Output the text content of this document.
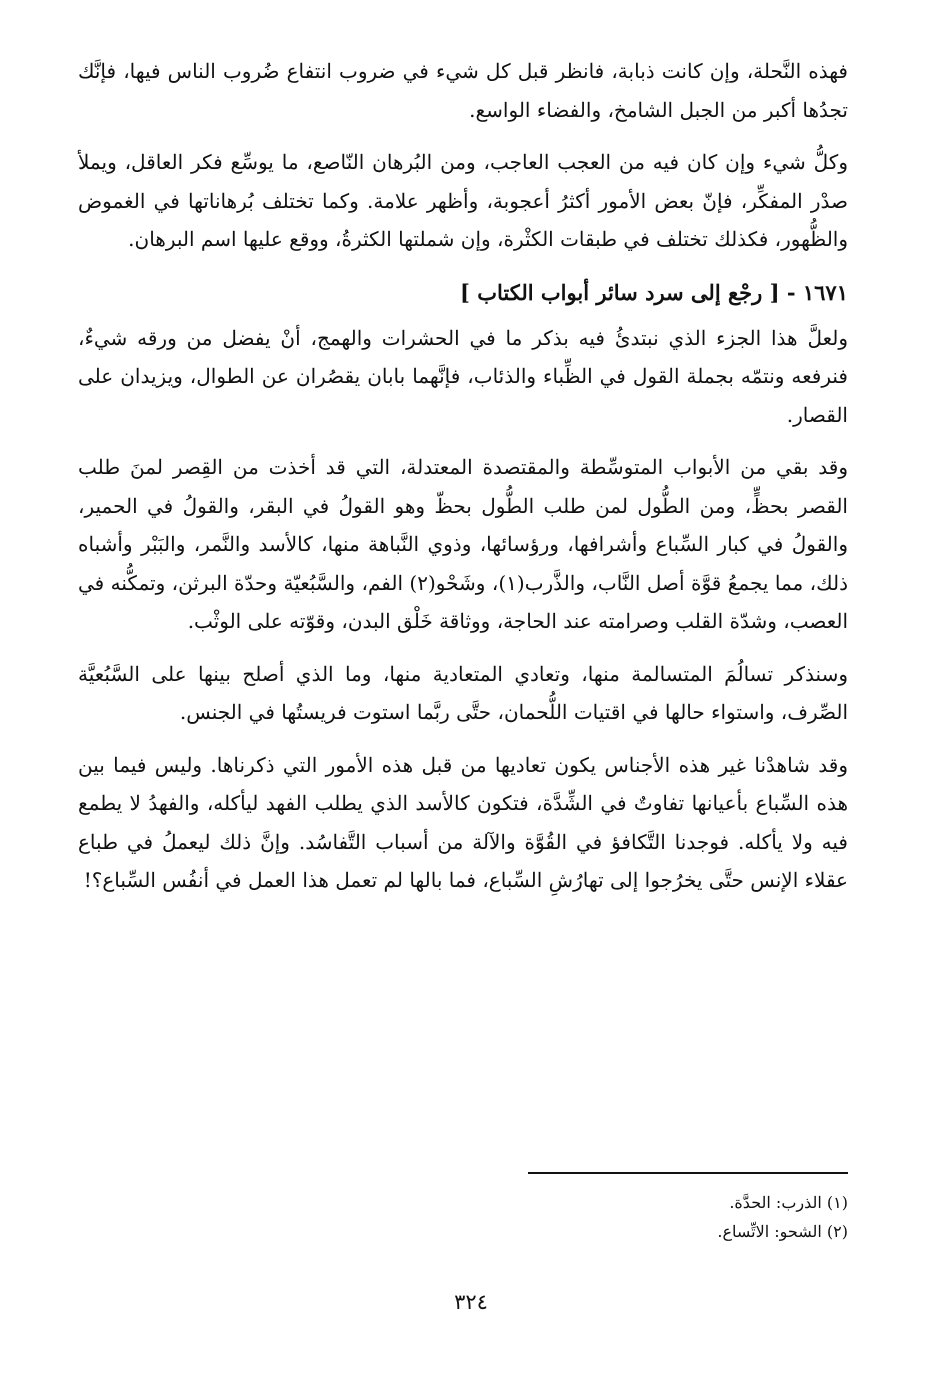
فهذه النَّحلة، وإن كانت ذبابة، فانظر قبل كل شيء في ضروب انتفاع ضُروب الناس فيها، فإنَّك تجدُها أكبر من الجبل الشامخ، والفضاء الواسع.

وكلُّ شيء وإن كان فيه من العجب العاجب، ومن البُرهان النّاصع، ما يوسِّع فكر العاقل، ويملأ صدْر المفكِّر، فإنّ بعض الأمور أكثرُ أعجوبة، وأظهر علامة. وكما تختلف بُرهاناتها في الغموض والظُّهور، فكذلك تختلف في طبقات الكثْرة، وإن شملتها الكثرةُ، ووقع عليها اسم البرهان.

١٦٧١ - [ رجْع إلى سرد سائر أبواب الكتاب ]

ولعلَّ هذا الجزء الذي نبتدئُ فيه بذكر ما في الحشرات والهمج، أنْ يفضل من ورقه شيءٌ، فنرفعه ونتمّه بجملة القول في الظِّباء والذئاب، فإنَّهما بابان يقصُران عن الطوال، ويزيدان على القصار.

وقد بقي من الأبواب المتوسِّطة والمقتصدة المعتدلة، التي قد أخذت من القِصر لمنَ طلب القصر بحظٍّ، ومن الطُّول لمن طلب الطُّول بحظّ وهو القولُ في البقر، والقولُ في الحمير، والقولُ في كبار السِّباع وأشرافها، ورؤسائها، وذوي النَّباهة منها، كالأسد والنَّمر، والبَبْر وأشباه ذلك، مما يجمعُ قوَّة أصل النَّاب، والذَّرب(١)، وشَحْو(٢) الفم، والسَّبُعيّة وحدّة البرثن، وتمكُّنه في العصب، وشدّة القلب وصرامته عند الحاجة، ووثاقة خَلْق البدن، وقوّته على الوثْب.

وسنذكر تسالُمَ المتسالمة منها، وتعادي المتعادية منها، وما الذي أصلح بينها على السَّبُعيَّة الصِّرف، واستواء حالها في اقتيات اللُّحمان، حتَّى ربَّما استوت فريستُها في الجنس.

وقد شاهدْنا غير هذه الأجناس يكون تعاديها من قبل هذه الأمور التي ذكرناها. وليس فيما بين هذه السِّباع بأعيانها تفاوتٌ في الشِّدَّة، فتكون كالأسد الذي يطلب الفهد ليأكله، والفهدُ لا يطمع فيه ولا يأكله. فوجدنا التَّكافؤ في القُوَّة والآلة من أسباب التَّفاسُد. وإنَّ ذلك ليعملُ في طباع عقلاء الإنس حتَّى يخرُجوا إلى تهارُشِ السِّباع، فما بالها لم تعمل هذا العمل في أنفُس السِّباع؟!

(١) الذرب: الحدَّة.

(٢) الشحو: الاتِّساع.

٣٢٤
